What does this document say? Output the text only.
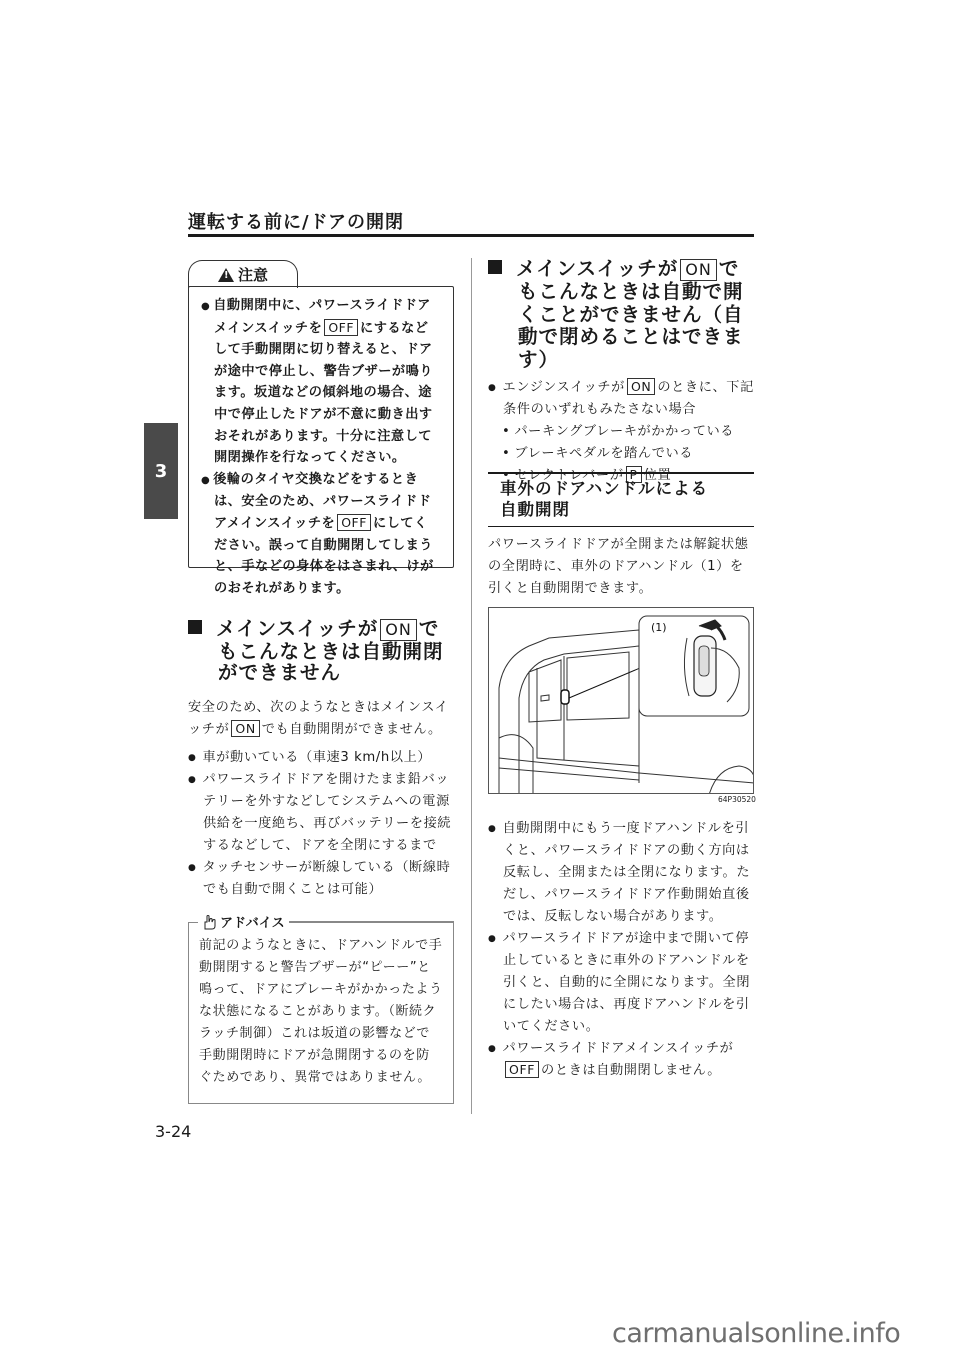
運転する前に/ドアの開閉
3
!
注意
● 自動開閉中に、パワースライドドアメインスイッチを OFF にするなどして手動開閉に切り替えると、ドアが途中で停止し、警告ブザーが鳴ります。坂道などの傾斜地の場合、途中で停止したドアが不意に動き出すおそれがあります。十分に注意して開閉操作を行なってください。
● 後輪のタイヤ交換などをするときは、安全のため、パワースライドドアメインスイッチを OFF にしてください。誤って自動開閉してしまうと、手などの身体をはさまれ、けがのおそれがあります。
メインスイッチが ON でもこんなときは自動開閉ができません
安全のため、次のようなときはメインスイッチが ON でも自動開閉ができません。
● 車が動いている（車速3 km/h以上）
● パワースライドドアを開けたまま鉛バッテリーを外すなどしてシステムへの電源供給を一度絶ち、再びバッテリーを接続するなどして、ドアを全閉にするまで
● タッチセンサーが断線している（断線時でも自動で開くことは可能）
前記のようなときに、ドアハンドルで手動開閉すると警告ブザーが“ピーー”と鳴って、ドアにブレーキがかかったような状態になることがあります。（断続クラッチ制御）これは坂道の影響などで手動開閉時にドアが急開閉するのを防ぐためであり、異常ではありません。
アドバイス
メインスイッチが ON でもこんなときは自動で開くことができません（自動で閉めることはできます）
● エンジンスイッチが ON のときに、下記条件のいずれもみたさない場合
• パーキングブレーキがかかっている
• ブレーキペダルを踏んでいる
• セレクトレバーが P 位置
車外のドアハンドルによる
自動開閉
パワースライドドアが全開または解錠状態の全閉時に、車外のドアハンドル（1）を引くと自動開閉できます。
(1)
64P30520
● 自動開閉中にもう一度ドアハンドルを引くと、パワースライドドアの動く方向は反転し、全開または全閉になります。ただし、パワースライドドア作動開始直後では、反転しない場合があります。
● パワースライドドアが途中まで開いて停止しているときに車外のドアハンドルを引くと、自動的に全開になります。全閉にしたい場合は、再度ドアハンドルを引いてください。
● パワースライドドアメインスイッチがOFF のときは自動開閉しません。
3-24
carmanualsonline.info
